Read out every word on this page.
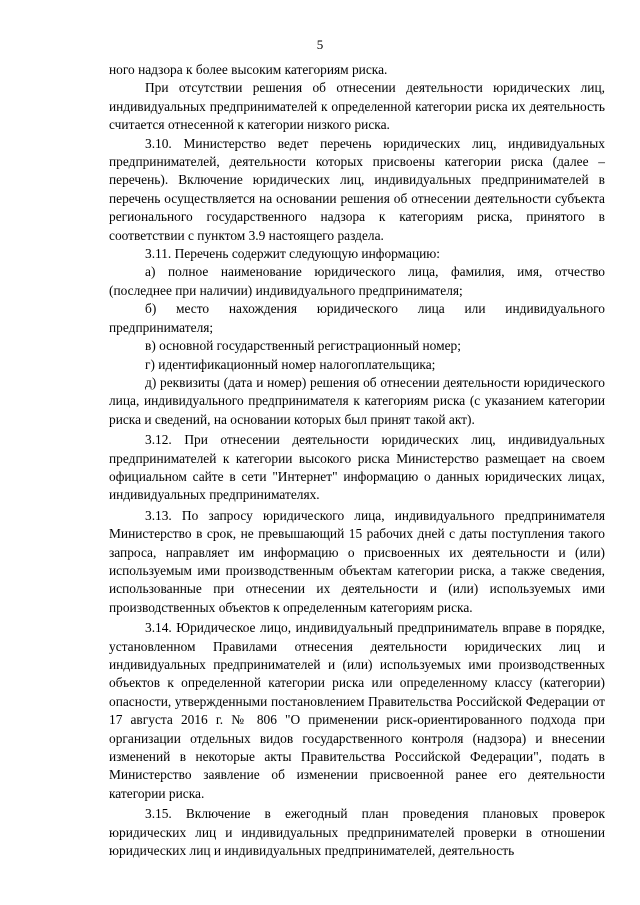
5

ного надзора к более высоким категориям риска.

При отсутствии решения об отнесении деятельности юридических лиц, индивидуальных предпринимателей к определенной категории риска их деятельность считается отнесенной к категории низкого риска.

3.10. Министерство ведет перечень юридических лиц, индивидуальных предпринимателей, деятельности которых присвоены категории риска (далее – перечень). Включение юридических лиц, индивидуальных предпринимателей в перечень осуществляется на основании решения об отнесении деятельности субъекта регионального государственного надзора к категориям риска, принятого в соответствии с пунктом 3.9 настоящего раздела.

3.11. Перечень содержит следующую информацию:

а) полное наименование юридического лица, фамилия, имя, отчество (последнее при наличии) индивидуального предпринимателя;

б) место нахождения юридического лица или индивидуального предпринимателя;

в) основной государственный регистрационный номер;

г) идентификационный номер налогоплательщика;

д) реквизиты (дата и номер) решения об отнесении деятельности юридического лица, индивидуального предпринимателя к категориям риска (с указанием категории риска и сведений, на основании которых был принят такой акт).

3.12. При отнесении деятельности юридических лиц, индивидуальных предпринимателей к категории высокого риска Министерство размещает на своем официальном сайте в сети "Интернет" информацию о данных юридических лицах, индивидуальных предпринимателях.

3.13. По запросу юридического лица, индивидуального предпринимателя Министерство в срок, не превышающий 15 рабочих дней с даты поступления такого запроса, направляет им информацию о присвоенных их деятельности и (или) используемым ими производственным объектам категории риска, а также сведения, использованные при отнесении их деятельности и (или) используемых ими производственных объектов к определенным категориям риска.

3.14. Юридическое лицо, индивидуальный предприниматель вправе в порядке, установленном Правилами отнесения деятельности юридических лиц и индивидуальных предпринимателей и (или) используемых ими производственных объектов к определенной категории риска или определенному классу (категории) опасности, утвержденными постановлением Правительства Российской Федерации от 17 августа 2016 г. № 806 "О применении риск-ориентированного подхода при организации отдельных видов государственного контроля (надзора) и внесении изменений в некоторые акты Правительства Российской Федерации", подать в Министерство заявление об изменении присвоенной ранее его деятельности категории риска.

3.15. Включение в ежегодный план проведения плановых проверок юридических лиц и индивидуальных предпринимателей проверки в отношении юридических лиц и индивидуальных предпринимателей, деятельность
